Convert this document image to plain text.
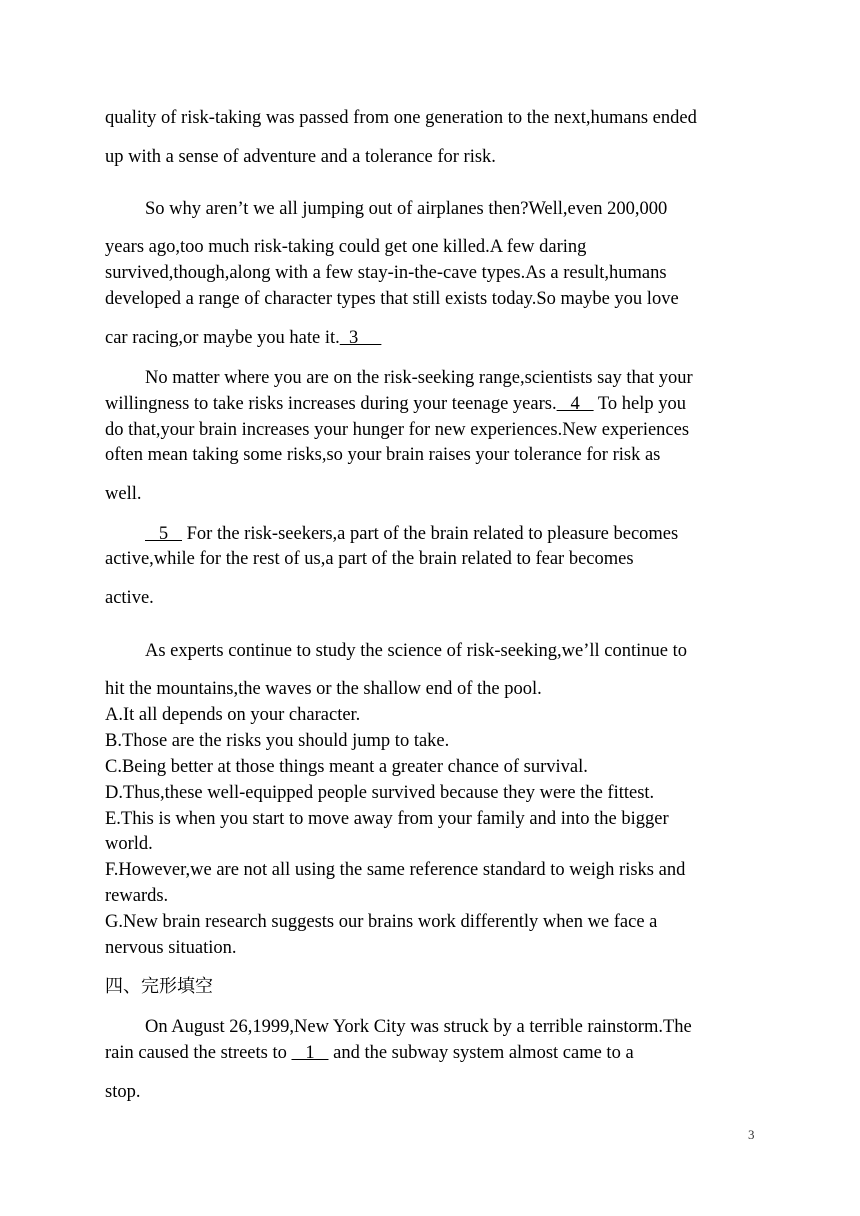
quality of risk-taking was passed from one generation to the next,humans ended
up with a sense of adventure and a tolerance for risk.
So why aren’t we all jumping out of airplanes then?Well,even 200,000
years ago,too much risk-taking could get one killed.A few daring
survived,though,along with a few stay-in-the-cave types.As a result,humans
developed a range of character types that still exists today.So maybe you love
car racing,or maybe you hate it.  3
No matter where you are on the risk-seeking range,scientists say that your
willingness to take risks increases during your teenage years.   4    To help you
do that,your brain increases your hunger for new experiences.New experiences
often mean taking some risks,so your brain raises your tolerance for risk as
well.
5    For the risk-seekers,a part of the brain related to pleasure becomes
active,while for the rest of us,a part of the brain related to fear becomes
active.
As experts continue to study the science of risk-seeking,we’ll continue to
hit the mountains,the waves or the shallow end of the pool.
A.It all depends on your character.
B.Those are the risks you should jump to take.
C.Being better at those things meant a greater chance of survival.
D.Thus,these well-equipped people survived because they were the fittest.
E.This is when you start to move away from your family and into the bigger
world.
F.However,we are not all using the same reference standard to weigh risks and
rewards.
G.New brain research suggests our brains work differently when we face a
nervous situation.
四、完形填空
On August 26,1999,New York City was struck by a terrible rainstorm.The
rain caused the streets to    1    and the subway system almost came to a
stop.
3
